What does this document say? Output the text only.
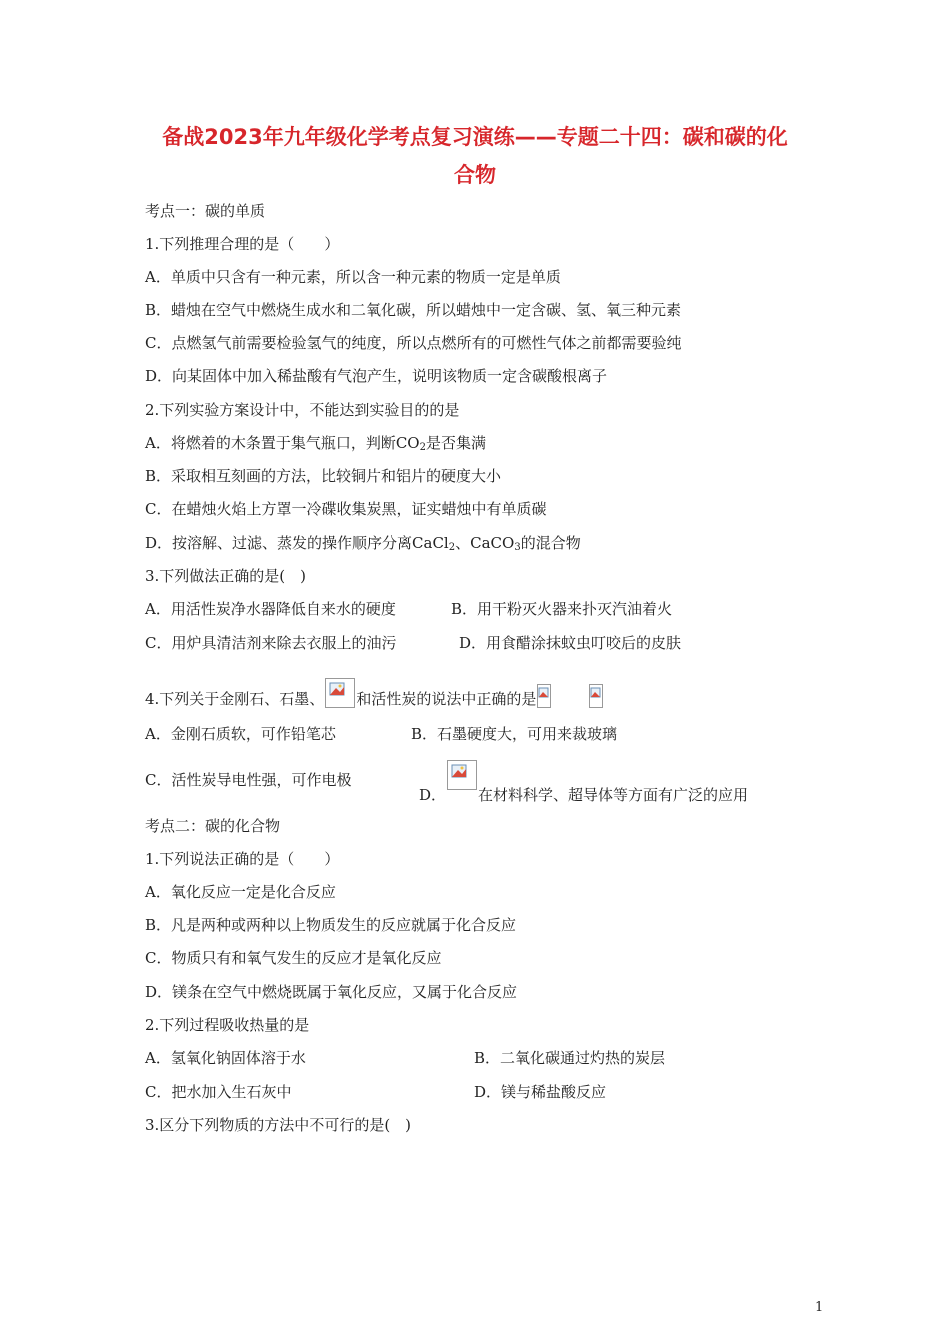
备战2023年九年级化学考点复习演练——专题二十四：碳和碳的化
合物
考点一：碳的单质
1.下列推理合理的是（　　）
A．单质中只含有一种元素，所以含一种元素的物质一定是单质
B．蜡烛在空气中燃烧生成水和二氧化碳，所以蜡烛中一定含碳、氢、氧三种元素
C．点燃氢气前需要检验氢气的纯度，所以点燃所有的可燃性气体之前都需要验纯
D．向某固体中加入稀盐酸有气泡产生，说明该物质一定含碳酸根离子
2.下列实验方案设计中，不能达到实验目的的是
A．将燃着的木条置于集气瓶口，判断$CO_2$是否集满
B．采取相互刻画的方法，比较铜片和铝片的硬度大小
C．在蜡烛火焰上方罩一冷碟收集炭黑，证实蜡烛中有单质碳
D．按溶解、过滤、蒸发的操作顺序分离CaCl$_2$、CaCO$_3$的混合物
3.下列做法正确的是(　)
A．用活性炭净水器降低自来水的硬度	B．用干粉灭火器来扑灭汽油着火
C．用炉具清洁剂来除去衣服上的油污	D．用食醋涂抹蚊虫叮咬后的皮肤
4.下列关于金刚石、石墨、 和活性炭的说法中正确的是
A．金刚石质软，可作铅笔芯	B．石墨硬度大，可用来裁玻璃
C．活性炭导电性强，可作电极
D． 在材料科学、超导体等方面有广泛的应用
考点二：碳的化合物
1.下列说法正确的是（　　）
A．氧化反应一定是化合反应
B．凡是两种或两种以上物质发生的反应就属于化合反应
C．物质只有和氧气发生的反应才是氧化反应
D．镁条在空气中燃烧既属于氧化反应，又属于化合反应
2.下列过程吸收热量的是
A．氢氧化钠固体溶于水	B．二氧化碳通过灼热的炭层
C．把水加入生石灰中	D．镁与稀盐酸反应
3.区分下列物质的方法中不可行的是(　)
1
